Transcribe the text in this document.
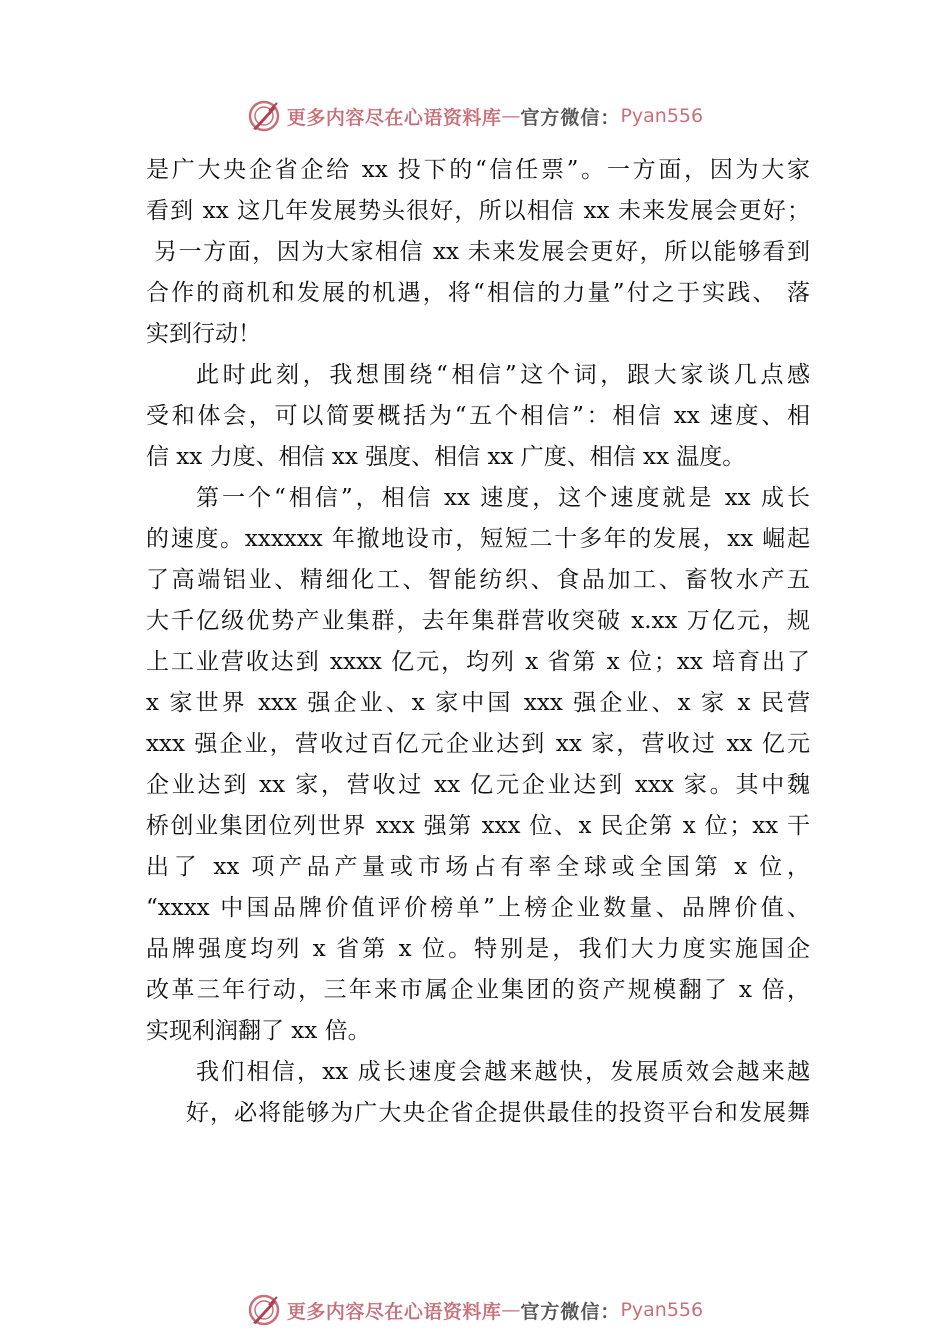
更多内容尽在心语资料库 — 官方微信： Pyan556
是广大央企省企给 xx 投下的“信任票”。一方面，因为大家
看到 xx 这几年发展势头很好，所以相信 xx 未来发展会更好；
另一方面，因为大家相信 xx 未来发展会更好，所以能够看到
合作的商机和发展的机遇，将“相信的力量”付之于实践、 落
实到行动！
此时此刻，我想围绕“相信”这个词，跟大家谈几点感
受和体会，可以简要概括为“五个相信”：相信 xx 速度、相
信 xx 力度、相信 xx 强度、相信 xx 广度、相信 xx 温度。
第一个“相信”，相信 xx 速度，这个速度就是 xx 成长
的速度。xxxxxx 年撤地设市，短短二十多年的发展，xx 崛起
了高端铝业、精细化工、智能纺织、食品加工、畜牧水产五
大千亿级优势产业集群，去年集群营收突破 x.xx 万亿元，规
上工业营收达到 xxxx 亿元，均列 x 省第 x 位；xx 培育出了
x 家世界 xxx 强企业、x 家中国 xxx 强企业、x 家 x 民营
xxx 强企业，营收过百亿元企业达到 xx 家，营收过 xx 亿元
企业达到 xx 家，营收过 xx 亿元企业达到 xxx 家。其中魏
桥创业集团位列世界 xxx 强第 xxx 位、x 民企第 x 位；xx 干
出了 xx 项产品产量或市场占有率全球或全国第 x 位，
“xxxx 中国品牌价值评价榜单”上榜企业数量、品牌价值、
品牌强度均列 x 省第 x 位。特别是，我们大力度实施国企
改革三年行动，三年来市属企业集团的资产规模翻了 x 倍，
实现利润翻了 xx 倍。
我们相信，xx 成长速度会越来越快，发展质效会越来越
好，必将能够为广大央企省企提供最佳的投资平台和发展舞
更多内容尽在心语资料库 — 官方微信： Pyan556
